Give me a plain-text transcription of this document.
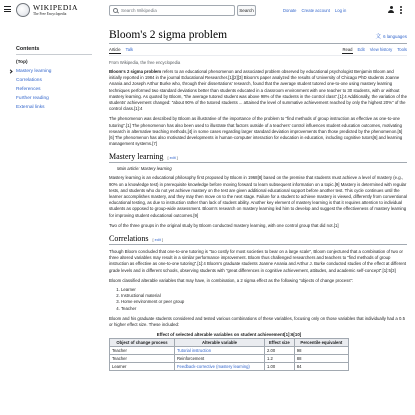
WIKIPEDIA
The Free Encyclopedia
Search Wikipedia
Search	Donate Create account Log in
Contents
(Top)
Mastery learning
Correlations
References
Further reading
External links
Bloom's 2 sigma problem	文 6 languages
Article Talk	Read Edit View history Tools
From Wikipedia, the free encyclopedia

Bloom's 2 sigma problem refers to an educational phenomenon and associated problem observed by educational psychologist Benjamin Bloom and initially reported in 1984 in the journal Educational Researcher.[1][2][3] Bloom's paper analyzed the results of University of Chicago PhD students Joanne Anania and Joseph Arthur Burke who, through their dissertations' research, found that the average student tutored one-to-one using mastery learning techniques performed two standard deviations better than students educated in a classroom environment with one teacher to 30 students, with or without mastery learning. As quoted by Bloom, "the average tutored student was above 98% of the students in the control class".[1]:4 Additionally, the variation of the students' achievement changed: "about 90% of the tutored students ... attained the level of summative achievement reached by only the highest 20%" of the control class.[1]:4

The phenomenon was described by Bloom as illustrative of the importance of the problem to "find methods of group instruction as effective as one-to-one tutoring".[1] The phenomenon has also been used to illustrate that factors outside of a teachers' control influences student education outcomes, motivating research in alternative teaching methods,[4] in some cases regarding larger standard deviation improvements than those predicted by the phenomenon.[5][6] The phenomenon has also motivated developments in human-computer interaction for education in education, including cognitive tutors[6] and learning management systems.[7]

Mastery learning [ edit ]
Main article: Mastery learning

Mastery learning is an educational philosophy first proposed by Bloom in 1968[8] based on the premise that students must achieve a level of mastery (e.g., 90% on a knowledge test) in prerequisite knowledge before moving forward to learn subsequent information on a topic.[9] Mastery is determined with regular tests, and students who do not yet achieve mastery on the test are given additional educational support before another test. This cycle continues until the learner accomplishes mastery, and they may then move on to the next stage. Failure for a student to achieve mastery is viewed, differently from conventional educational testing, as due to instruction rather than lack of student ability. Another key element of mastery learning is that it requires attention to individual students as opposed to group-wide assessment. Bloom's research on mastery learning led him to develop and suggest the effectiveness of mastery learning for improving student educational outcomes.[9]

Two of the three groups in the original study by Bloom conducted mastery learning, with one control group that did not.[1]

Correlations [ edit ]

Though Bloom concluded that one-to-one tutoring is "too costly for most societies to bear on a large scale", Bloom conjectured that a combination of two or three altered variables may result in a similar performance improvement. Bloom thus challenged researchers and teachers to "find methods of group instruction as effective as one-to-one tutoring".[1]:4 Bloom's graduate students Joanne Anania and Arthur J. Burke conducted studies of the effect at different grade levels and in different schools, observing students with "great differences in cognitive achievement, attitudes, and academic self-concept".[1]:5[3]

Bloom classified alterable variables that may have, in combination, a 2 sigma effect as the following "objects of change process":

1. Learner
2. Instructional material
3. Home environment or peer group
4. Teacher

Bloom and his graduate students considered and tested various combinations of these variables, focusing only on those variables that individually had a 0.5 or higher effect size. These included:

Effect of selected alterable variables on student achievement[1]:6[10]
Object of change process	Alterable variable	Effect size	Percentile equivalent
Teacher	Tutorial instruction	2.00	98
Teacher	Reinforcement	1.2	88
Learner	Feedback-corrective (mastery learning)	1.00	84
